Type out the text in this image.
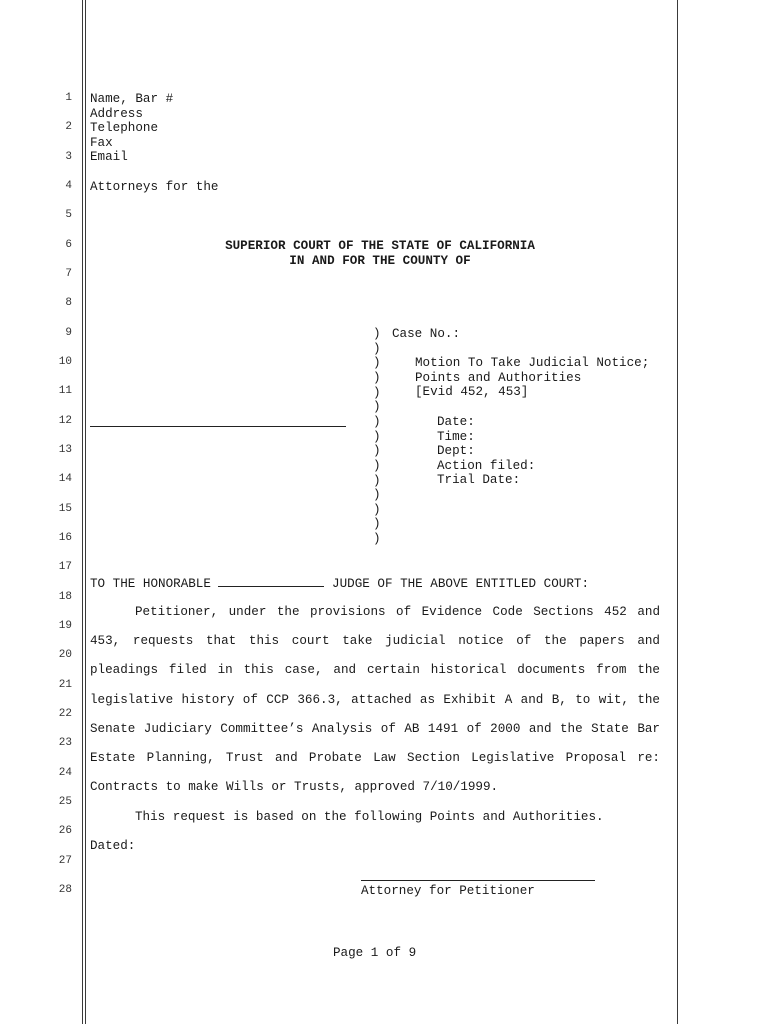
1
2
3
4
5
6
7
8
9
10
11
12
13
14
15
16
17
18
19
20
21
22
23
24
25
26
27
28
Name, Bar #
Address
Telephone
Fax
Email
Attorneys for the
SUPERIOR COURT OF THE STATE OF CALIFORNIA
IN AND FOR THE COUNTY OF
)
)
)
)
)
)
)
)
)
)
)
)
)
)
)
Case No.:
Motion To Take Judicial Notice;
Points and Authorities
[Evid 452, 453]
Date:
Time:
Dept:
Action filed:
Trial Date:
TO THE HONORABLE	JUDGE OF THE ABOVE ENTITLED COURT:
Petitioner, under the provisions of Evidence Code Sections 452 and
453, requests that this court take judicial notice of the papers and
pleadings filed in this case, and certain historical documents from the
legislative history of CCP 366.3, attached as Exhibit A and B, to wit, the
Senate Judiciary Committee’s Analysis of AB 1491 of 2000 and the State Bar
Estate Planning, Trust and Probate Law Section Legislative Proposal re:
Contracts to make Wills or Trusts, approved 7/10/1999.
This request is based on the following Points and Authorities.
Dated:
Attorney for Petitioner
Page 1 of 9
